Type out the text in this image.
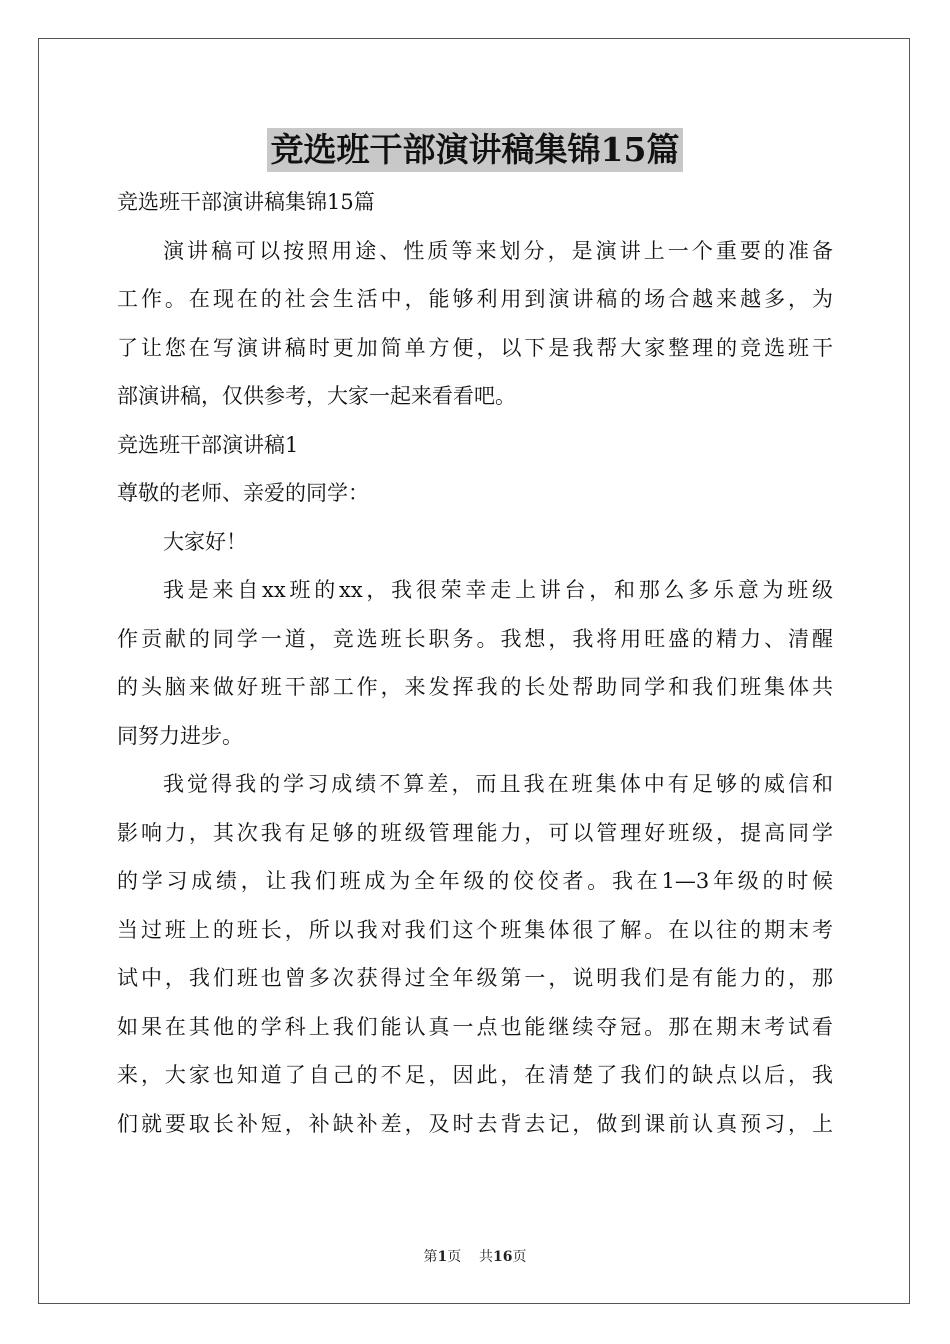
竞选班干部演讲稿集锦15篇
竞选班干部演讲稿集锦15篇
演讲稿可以按照用途、性质等来划分，是演讲上一个重要的准备
工作。在现在的社会生活中，能够利用到演讲稿的场合越来越多，为
了让您在写演讲稿时更加简单方便，以下是我帮大家整理的竞选班干
部演讲稿，仅供参考，大家一起来看看吧。
竞选班干部演讲稿1
尊敬的老师、亲爱的同学：
大家好！
我是来自xx班的xx，我很荣幸走上讲台，和那么多乐意为班级
作贡献的同学一道，竞选班长职务。我想，我将用旺盛的精力、清醒
的头脑来做好班干部工作，来发挥我的长处帮助同学和我们班集体共
同努力进步。
我觉得我的学习成绩不算差，而且我在班集体中有足够的威信和
影响力，其次我有足够的班级管理能力，可以管理好班级，提高同学
的学习成绩，让我们班成为全年级的佼佼者。我在1—3年级的时候
当过班上的班长，所以我对我们这个班集体很了解。在以往的期末考
试中，我们班也曾多次获得过全年级第一，说明我们是有能力的，那
如果在其他的学科上我们能认真一点也能继续夺冠。那在期末考试看
来，大家也知道了自己的不足，因此，在清楚了我们的缺点以后，我
们就要取长补短，补缺补差，及时去背去记，做到课前认真预习，上
第1页 共16页
